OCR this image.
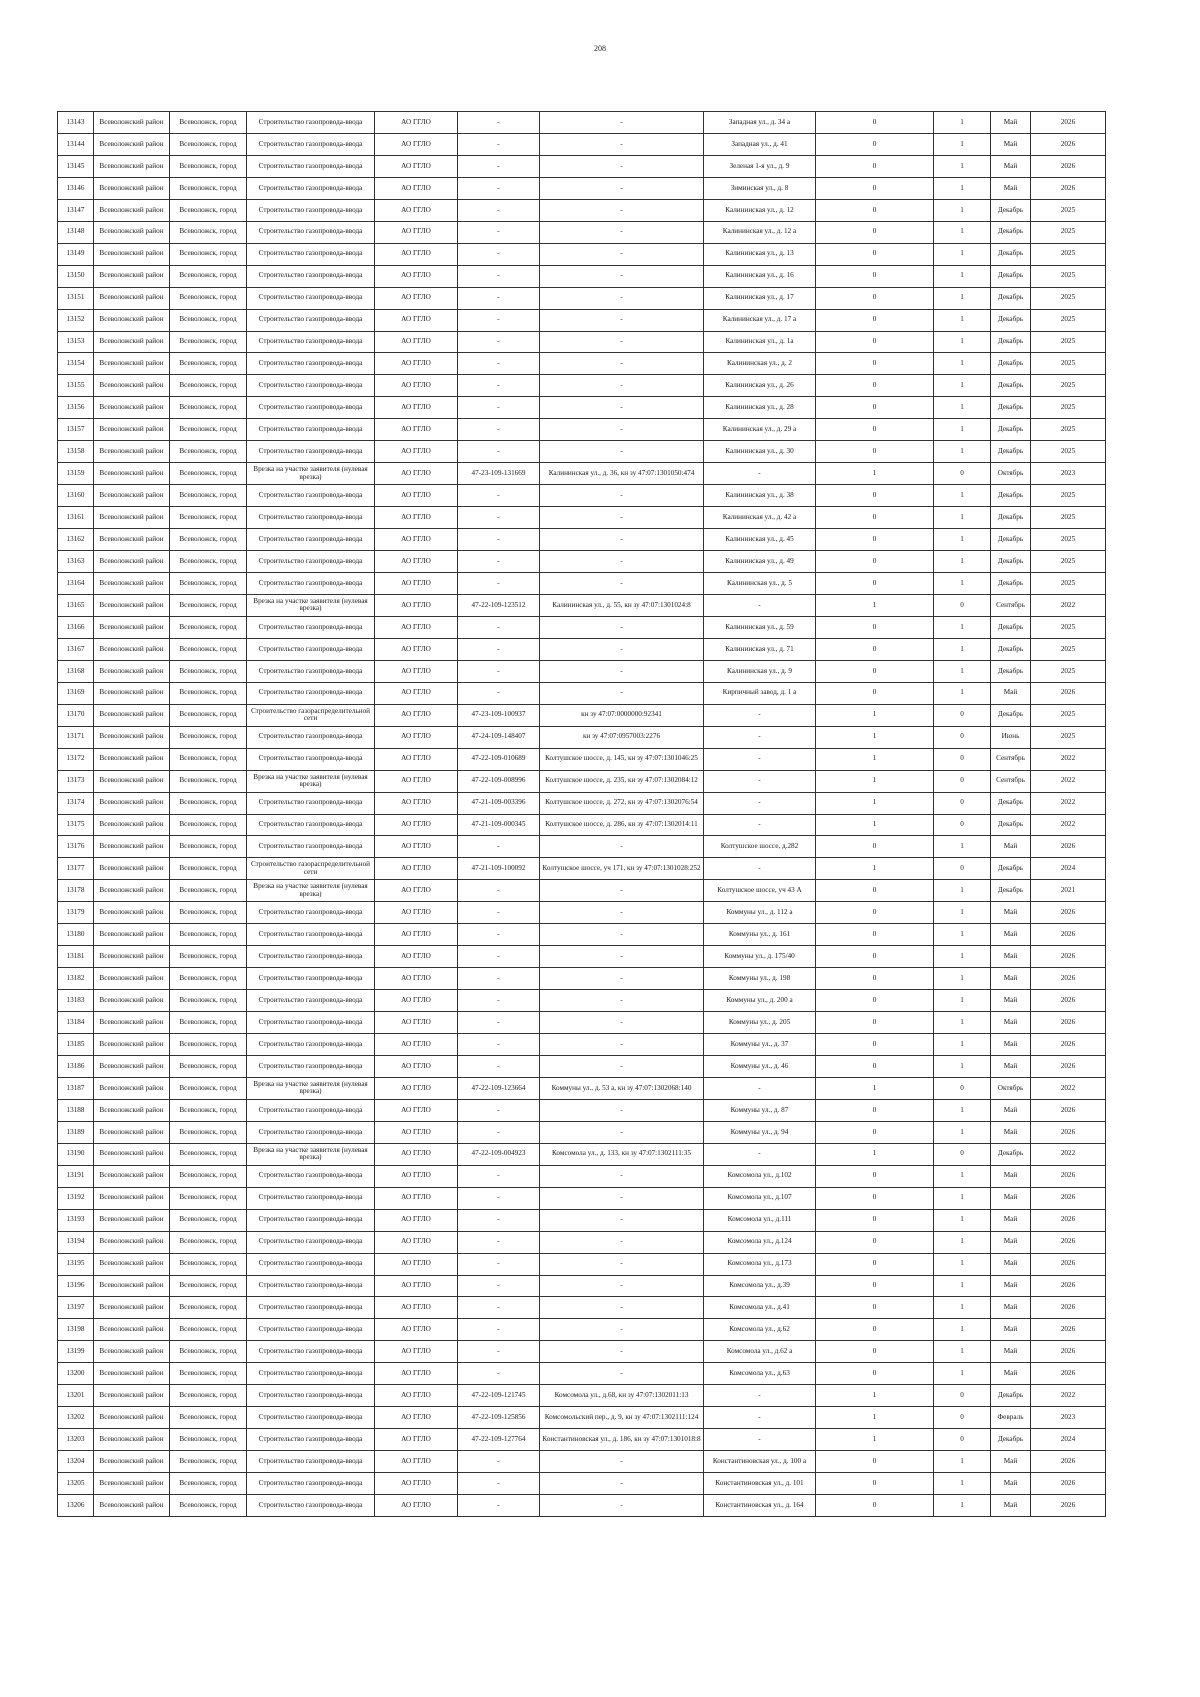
208
13143	Всеволожский район	Всеволожск, город	Строительство газопровода-ввода	АО ГГЛО	-	-	Западная ул., д. 34 а	0	1	Май	2026
13144	Всеволожский район	Всеволожск, город	Строительство газопровода-ввода	АО ГГЛО	-	-	Западная ул., д. 41	0	1	Май	2026
13145	Всеволожский район	Всеволожск, город	Строительство газопровода-ввода	АО ГГЛО	-	-	Зеленая 1-я ул., д. 9	0	1	Май	2026
13146	Всеволожский район	Всеволожск, город	Строительство газопровода-ввода	АО ГГЛО	-	-	Зиминская ул., д. 8	0	1	Май	2026
13147	Всеволожский район	Всеволожск, город	Строительство газопровода-ввода	АО ГГЛО	-	-	Калининская ул., д. 12	0	1	Декабрь	2025
13148	Всеволожский район	Всеволожск, город	Строительство газопровода-ввода	АО ГГЛО	-	-	Калининская ул., д. 12 а	0	1	Декабрь	2025
13149	Всеволожский район	Всеволожск, город	Строительство газопровода-ввода	АО ГГЛО	-	-	Калининская ул., д. 13	0	1	Декабрь	2025
13150	Всеволожский район	Всеволожск, город	Строительство газопровода-ввода	АО ГГЛО	-	-	Калининская ул., д. 16	0	1	Декабрь	2025
13151	Всеволожский район	Всеволожск, город	Строительство газопровода-ввода	АО ГГЛО	-	-	Калининская ул., д. 17	0	1	Декабрь	2025
13152	Всеволожский район	Всеволожск, город	Строительство газопровода-ввода	АО ГГЛО	-	-	Калининская ул., д. 17 а	0	1	Декабрь	2025
13153	Всеволожский район	Всеволожск, город	Строительство газопровода-ввода	АО ГГЛО	-	-	Калининская ул., д. 1а	0	1	Декабрь	2025
13154	Всеволожский район	Всеволожск, город	Строительство газопровода-ввода	АО ГГЛО	-	-	Калининская ул., д. 2	0	1	Декабрь	2025
13155	Всеволожский район	Всеволожск, город	Строительство газопровода-ввода	АО ГГЛО	-	-	Калининская ул., д. 26	0	1	Декабрь	2025
13156	Всеволожский район	Всеволожск, город	Строительство газопровода-ввода	АО ГГЛО	-	-	Калининская ул., д. 28	0	1	Декабрь	2025
13157	Всеволожский район	Всеволожск, город	Строительство газопровода-ввода	АО ГГЛО	-	-	Калининская ул., д. 29 а	0	1	Декабрь	2025
13158	Всеволожский район	Всеволожск, город	Строительство газопровода-ввода	АО ГГЛО	-	-	Калининская ул., д. 30	0	1	Декабрь	2025
13159	Всеволожский район	Всеволожск, город	Врезка на участке заявителя (нулевая врезка)	АО ГГЛО	47-23-109-131669	Калининская ул., д. 36, кн зу 47:07:1301050:474	-	1	0	Октябрь	2023
13160	Всеволожский район	Всеволожск, город	Строительство газопровода-ввода	АО ГГЛО	-	-	Калининская ул., д. 38	0	1	Декабрь	2025
13161	Всеволожский район	Всеволожск, город	Строительство газопровода-ввода	АО ГГЛО	-	-	Калининская ул., д. 42 а	0	1	Декабрь	2025
13162	Всеволожский район	Всеволожск, город	Строительство газопровода-ввода	АО ГГЛО	-	-	Калининская ул., д. 45	0	1	Декабрь	2025
13163	Всеволожский район	Всеволожск, город	Строительство газопровода-ввода	АО ГГЛО	-	-	Калининская ул., д. 49	0	1	Декабрь	2025
13164	Всеволожский район	Всеволожск, город	Строительство газопровода-ввода	АО ГГЛО	-	-	Калининская ул., д. 5	0	1	Декабрь	2025
13165	Всеволожский район	Всеволожск, город	Врезка на участке заявителя (нулевая врезка)	АО ГГЛО	47-22-109-123512	Калининская ул., д. 55, кн зу 47:07:1301024:8	-	1	0	Сентябрь	2022
13166	Всеволожский район	Всеволожск, город	Строительство газопровода-ввода	АО ГГЛО	-	-	Калининская ул., д. 59	0	1	Декабрь	2025
13167	Всеволожский район	Всеволожск, город	Строительство газопровода-ввода	АО ГГЛО	-	-	Калининская ул., д. 71	0	1	Декабрь	2025
13168	Всеволожский район	Всеволожск, город	Строительство газопровода-ввода	АО ГГЛО	-	-	Калининская ул., д. 9	0	1	Декабрь	2025
13169	Всеволожский район	Всеволожск, город	Строительство газопровода-ввода	АО ГГЛО	-	-	Кирпичный завод, д. 1 а	0	1	Май	2026
13170	Всеволожский район	Всеволожск, город	Строительство газораспределительной сети	АО ГГЛО	47-23-109-100937	кн зу 47:07:0000000:92341	-	1	0	Декабрь	2025
13171	Всеволожский район	Всеволожск, город	Строительство газопровода-ввода	АО ГГЛО	47-24-109-148407	кн зу 47:07:0957003:2276	-	1	0	Июнь	2025
13172	Всеволожский район	Всеволожск, город	Строительство газопровода-ввода	АО ГГЛО	47-22-109-010689	Колтушское шоссе, д. 145, кн зу 47:07:1301046:25	-	1	0	Сентябрь	2022
13173	Всеволожский район	Всеволожск, город	Врезка на участке заявителя (нулевая врезка)	АО ГГЛО	47-22-109-008996	Колтушское шоссе, д. 235, кн зу 47:07:1302084:12	-	1	0	Сентябрь	2022
13174	Всеволожский район	Всеволожск, город	Строительство газопровода-ввода	АО ГГЛО	47-21-109-003396	Колтушское шоссе, д. 272, кн зу 47:07:1302076:54	-	1	0	Декабрь	2022
13175	Всеволожский район	Всеволожск, город	Строительство газопровода-ввода	АО ГГЛО	47-21-109-000345	Колтушское шоссе, д. 286, кн зу 47:07:1302014:11	-	1	0	Декабрь	2022
13176	Всеволожский район	Всеволожск, город	Строительство газопровода-ввода	АО ГГЛО	-	-	Колтушское шоссе, д.282	0	1	Май	2026
13177	Всеволожский район	Всеволожск, город	Строительство газораспределительной сети	АО ГГЛО	47-21-109-100092	Колтушское шоссе, уч 171, кн зу 47:07:1301028:252	-	1	0	Декабрь	2024
13178	Всеволожский район	Всеволожск, город	Врезка на участке заявителя (нулевая врезка)	АО ГГЛО	-	-	Колтушское шоссе, уч 43 А	0	1	Декабрь	2021
13179	Всеволожский район	Всеволожск, город	Строительство газопровода-ввода	АО ГГЛО	-	-	Коммуны ул., д. 112 а	0	1	Май	2026
13180	Всеволожский район	Всеволожск, город	Строительство газопровода-ввода	АО ГГЛО	-	-	Коммуны ул., д. 161	0	1	Май	2026
13181	Всеволожский район	Всеволожск, город	Строительство газопровода-ввода	АО ГГЛО	-	-	Коммуны ул., д. 175/40	0	1	Май	2026
13182	Всеволожский район	Всеволожск, город	Строительство газопровода-ввода	АО ГГЛО	-	-	Коммуны ул., д. 198	0	1	Май	2026
13183	Всеволожский район	Всеволожск, город	Строительство газопровода-ввода	АО ГГЛО	-	-	Коммуны ул., д. 200 а	0	1	Май	2026
13184	Всеволожский район	Всеволожск, город	Строительство газопровода-ввода	АО ГГЛО	-	-	Коммуны ул., д. 205	0	1	Май	2026
13185	Всеволожский район	Всеволожск, город	Строительство газопровода-ввода	АО ГГЛО	-	-	Коммуны ул., д. 37	0	1	Май	2026
13186	Всеволожский район	Всеволожск, город	Строительство газопровода-ввода	АО ГГЛО	-	-	Коммуны ул., д. 46	0	1	Май	2026
13187	Всеволожский район	Всеволожск, город	Врезка на участке заявителя (нулевая врезка)	АО ГГЛО	47-22-109-123664	Коммуны ул., д. 53 а, кн зу 47:07:1302068:140	-	1	0	Октябрь	2022
13188	Всеволожский район	Всеволожск, город	Строительство газопровода-ввода	АО ГГЛО	-	-	Коммуны ул., д. 87	0	1	Май	2026
13189	Всеволожский район	Всеволожск, город	Строительство газопровода-ввода	АО ГГЛО	-	-	Коммуны ул., д. 94	0	1	Май	2026
13190	Всеволожский район	Всеволожск, город	Врезка на участке заявителя (нулевая врезка)	АО ГГЛО	47-22-109-004923	Комсомола ул., д. 133, кн зу 47:07:1302111:35	-	1	0	Декабрь	2022
13191	Всеволожский район	Всеволожск, город	Строительство газопровода-ввода	АО ГГЛО	-	-	Комсомола ул., д.102	0	1	Май	2026
13192	Всеволожский район	Всеволожск, город	Строительство газопровода-ввода	АО ГГЛО	-	-	Комсомола ул., д.107	0	1	Май	2026
13193	Всеволожский район	Всеволожск, город	Строительство газопровода-ввода	АО ГГЛО	-	-	Комсомола ул., д.111	0	1	Май	2026
13194	Всеволожский район	Всеволожск, город	Строительство газопровода-ввода	АО ГГЛО	-	-	Комсомола ул., д.124	0	1	Май	2026
13195	Всеволожский район	Всеволожск, город	Строительство газопровода-ввода	АО ГГЛО	-	-	Комсомола ул., д.173	0	1	Май	2026
13196	Всеволожский район	Всеволожск, город	Строительство газопровода-ввода	АО ГГЛО	-	-	Комсомола ул., д.39	0	1	Май	2026
13197	Всеволожский район	Всеволожск, город	Строительство газопровода-ввода	АО ГГЛО	-	-	Комсомола ул., д.41	0	1	Май	2026
13198	Всеволожский район	Всеволожск, город	Строительство газопровода-ввода	АО ГГЛО	-	-	Комсомола ул., д.62	0	1	Май	2026
13199	Всеволожский район	Всеволожск, город	Строительство газопровода-ввода	АО ГГЛО	-	-	Комсомола ул., д.62 а	0	1	Май	2026
13200	Всеволожский район	Всеволожск, город	Строительство газопровода-ввода	АО ГГЛО	-	-	Комсомола ул., д.63	0	1	Май	2026
13201	Всеволожский район	Всеволожск, город	Строительство газопровода-ввода	АО ГГЛО	47-22-109-121745	Комсомола ул., д.68, кн зу 47:07:1302011:13	-	1	0	Декабрь	2022
13202	Всеволожский район	Всеволожск, город	Строительство газопровода-ввода	АО ГГЛО	47-22-109-125856	Комсомольский пер., д. 9, кн зу 47:07:1302111:124	-	1	0	Февраль	2023
13203	Всеволожский район	Всеволожск, город	Строительство газопровода-ввода	АО ГГЛО	47-22-109-127764	Константиновская ул., д. 186, кн зу 47:07:1301018:8	-	1	0	Декабрь	2024
13204	Всеволожский район	Всеволожск, город	Строительство газопровода-ввода	АО ГГЛО	-	-	Константиновская ул., д. 100 а	0	1	Май	2026
13205	Всеволожский район	Всеволожск, город	Строительство газопровода-ввода	АО ГГЛО	-	-	Константиновская ул., д. 101	0	1	Май	2026
13206	Всеволожский район	Всеволожск, город	Строительство газопровода-ввода	АО ГГЛО	-	-	Константиновская ул., д. 164	0	1	Май	2026
